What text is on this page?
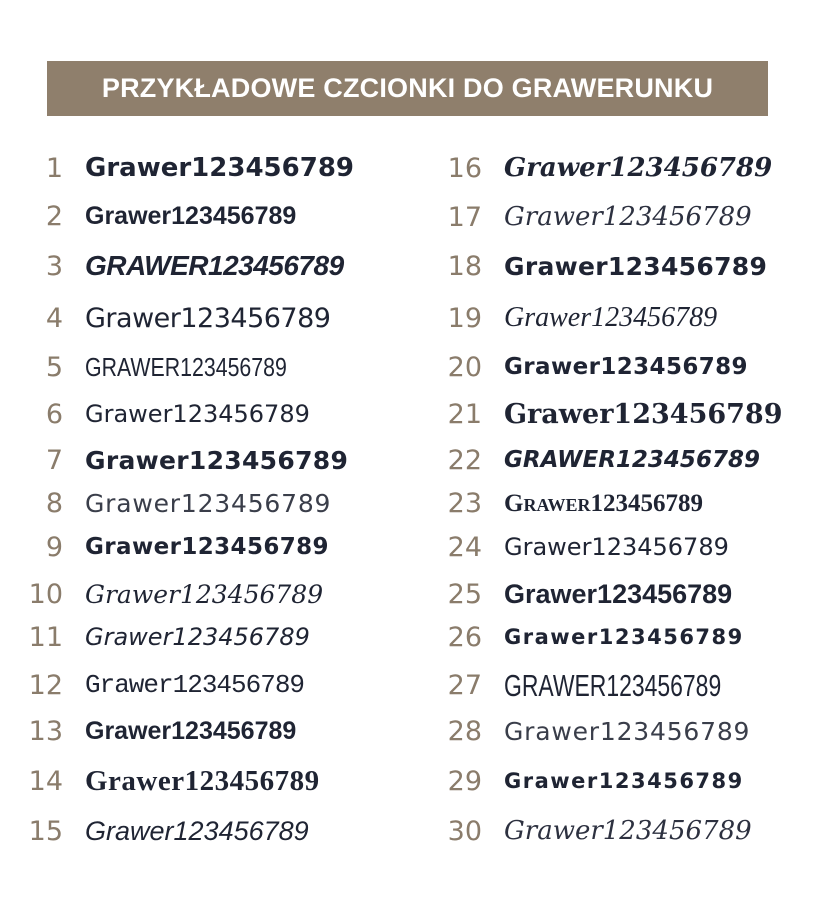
PRZYKŁADOWE CZCIONKI DO GRAWERUNKU
1 Grawer123456789
2 Grawer123456789
3 GRAWER123456789
4 Grawer123456789
5 GRAWER123456789
6 Grawer123456789
7 Grawer123456789
8 Grawer123456789
9 Grawer123456789
10 Grawer123456789
11 Grawer123456789
12 Grawer123456789
13 Grawer123456789
14 Grawer123456789
15 Grawer123456789
16 Grawer123456789
17 Grawer123456789
18 Grawer123456789
19 Grawer123456789
20 Grawer123456789
21 Grawer123456789
22 GRAWER123456789
23 Grawer123456789
24 Grawer123456789
25 Grawer123456789
26 Grawer123456789
27 GRAWER123456789
28 Grawer123456789
29 Grawer123456789
30 Grawer123456789
